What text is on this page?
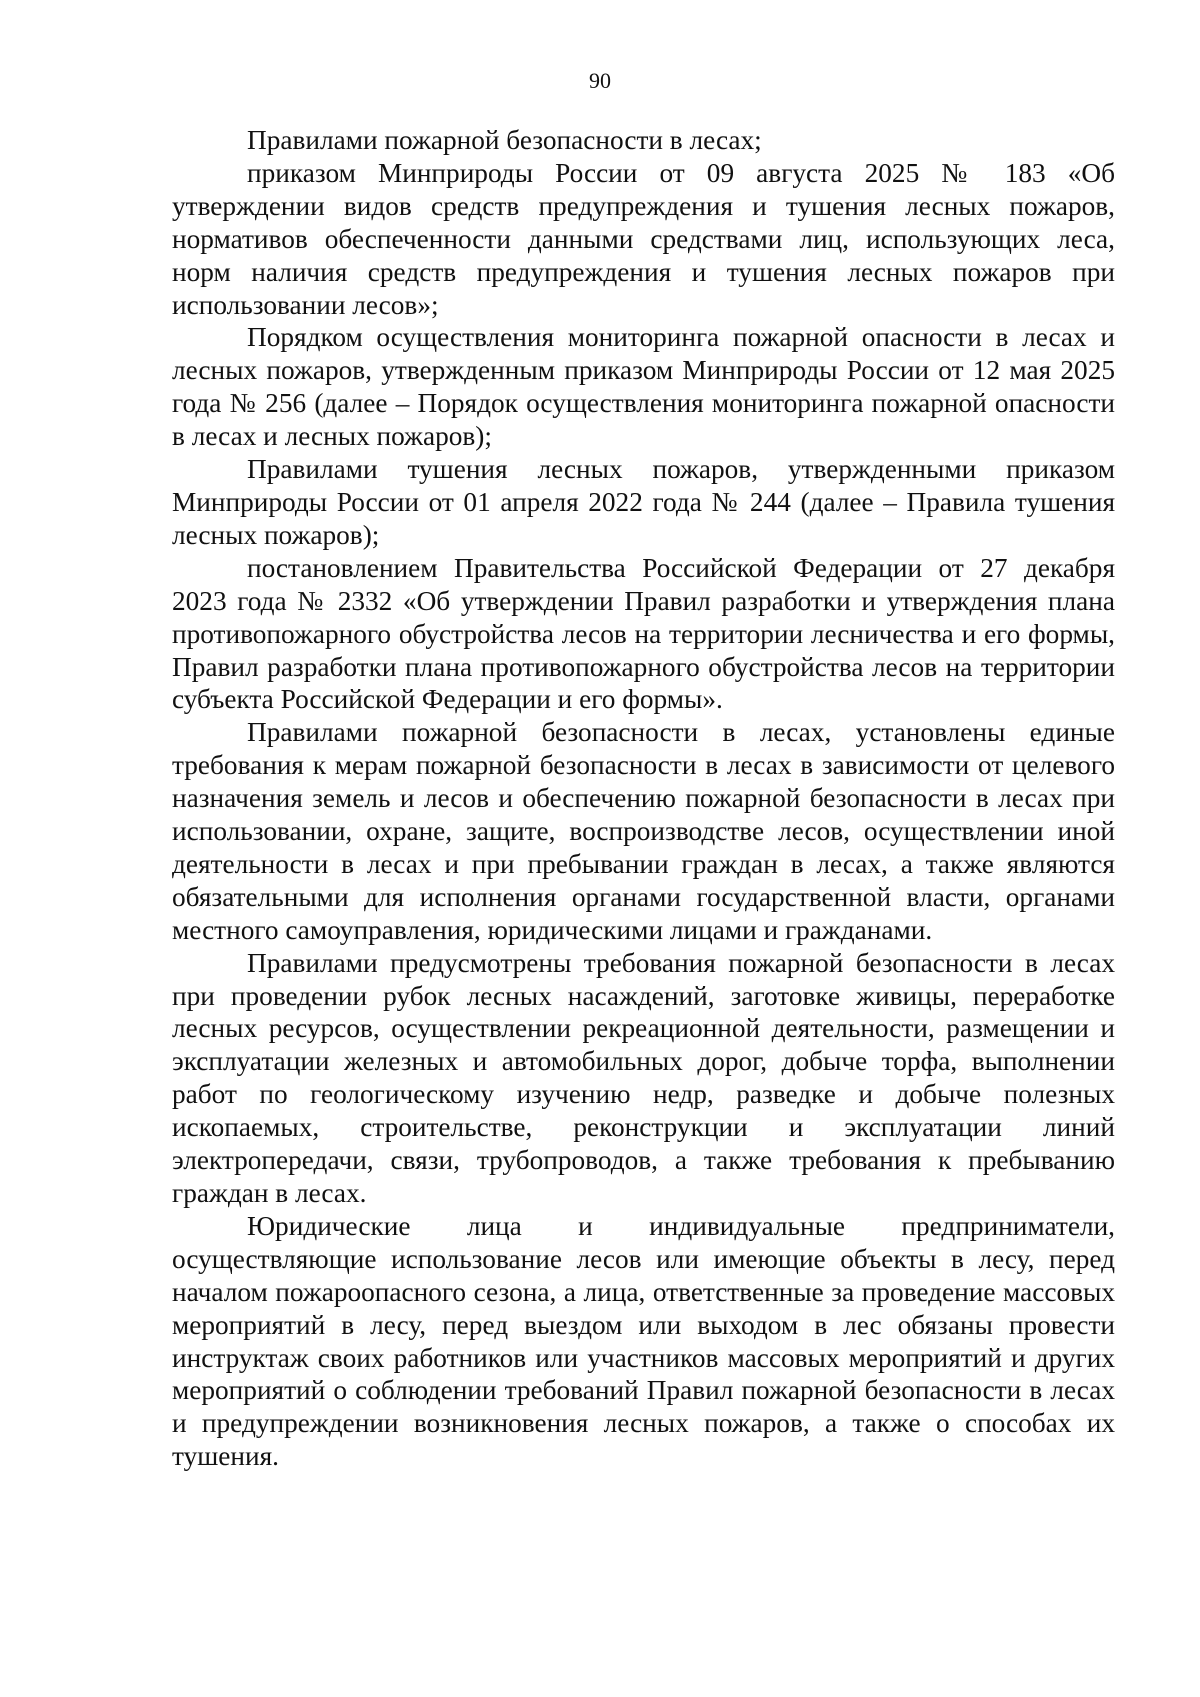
90

Правилами пожарной безопасности в лесах;

приказом Минприроды России от 09 августа 2025 № 183 «Об утверждении видов средств предупреждения и тушения лесных пожаров, нормативов обеспеченности данными средствами лиц, использующих леса, норм наличия средств предупреждения и тушения лесных пожаров при использовании лесов»;

Порядком осуществления мониторинга пожарной опасности в лесах и лесных пожаров, утвержденным приказом Минприроды России от 12 мая 2025 года № 256 (далее – Порядок осуществления мониторинга пожарной опасности в лесах и лесных пожаров);

Правилами тушения лесных пожаров, утвержденными приказом Минприроды России от 01 апреля 2022 года № 244 (далее – Правила тушения лесных пожаров);

постановлением Правительства Российской Федерации от 27 декабря 2023 года № 2332 «Об утверждении Правил разработки и утверждения плана противопожарного обустройства лесов на территории лесничества и его формы, Правил разработки плана противопожарного обустройства лесов на территории субъекта Российской Федерации и его формы».

Правилами пожарной безопасности в лесах, установлены единые требования к мерам пожарной безопасности в лесах в зависимости от целевого назначения земель и лесов и обеспечению пожарной безопасности в лесах при использовании, охране, защите, воспроизводстве лесов, осуществлении иной деятельности в лесах и при пребывании граждан в лесах, а также являются обязательными для исполнения органами государственной власти, органами местного самоуправления, юридическими лицами и гражданами.

Правилами предусмотрены требования пожарной безопасности в лесах при проведении рубок лесных насаждений, заготовке живицы, переработке лесных ресурсов, осуществлении рекреационной деятельности, размещении и эксплуатации железных и автомобильных дорог, добыче торфа, выполнении работ по геологическому изучению недр, разведке и добыче полезных ископаемых, строительстве, реконструкции и эксплуатации линий электропередачи, связи, трубопроводов, а также требования к пребыванию граждан в лесах.

Юридические лица и индивидуальные предприниматели, осуществляющие использование лесов или имеющие объекты в лесу, перед началом пожароопасного сезона, а лица, ответственные за проведение массовых мероприятий в лесу, перед выездом или выходом в лес обязаны провести инструктаж своих работников или участников массовых мероприятий и других мероприятий о соблюдении требований Правил пожарной безопасности в лесах и предупреждении возникновения лесных пожаров, а также о способах их тушения.
